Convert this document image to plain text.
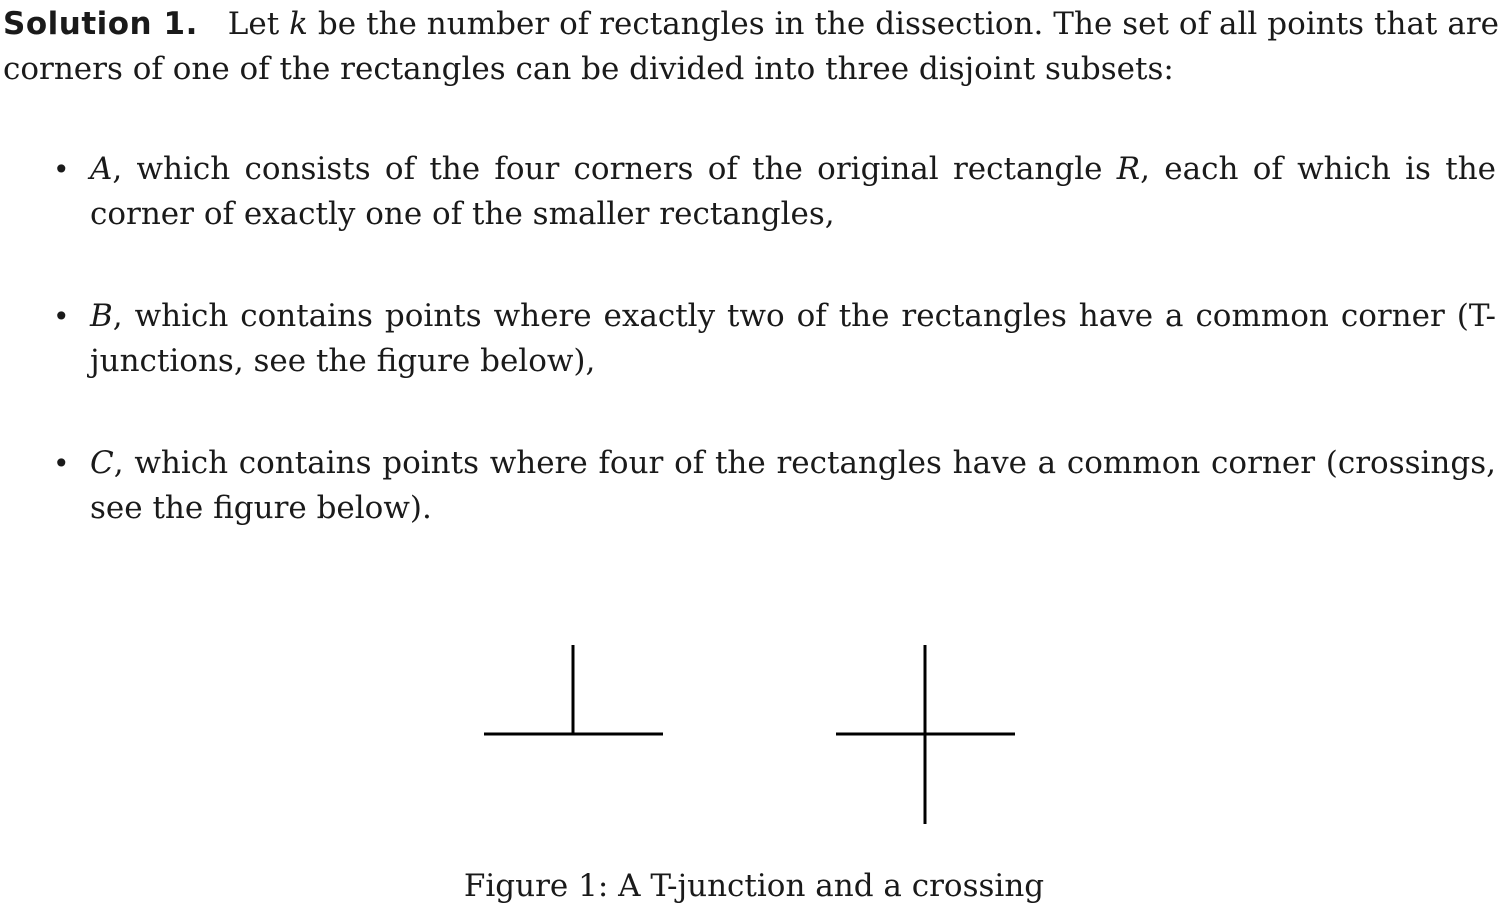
Solution 1. Let k be the number of rectangles in the dissection. The set of all points that are corners of one of the rectangles can be divided into three disjoint subsets:

• A, which consists of the four corners of the original rectangle R, each of which is the corner of exactly one of the smaller rectangles,
• B, which contains points where exactly two of the rectangles have a common corner (T-junctions, see the figure below),
• C, which contains points where four of the rectangles have a common corner (crossings, see the figure below).
Figure 1: A T-junction and a crossing
